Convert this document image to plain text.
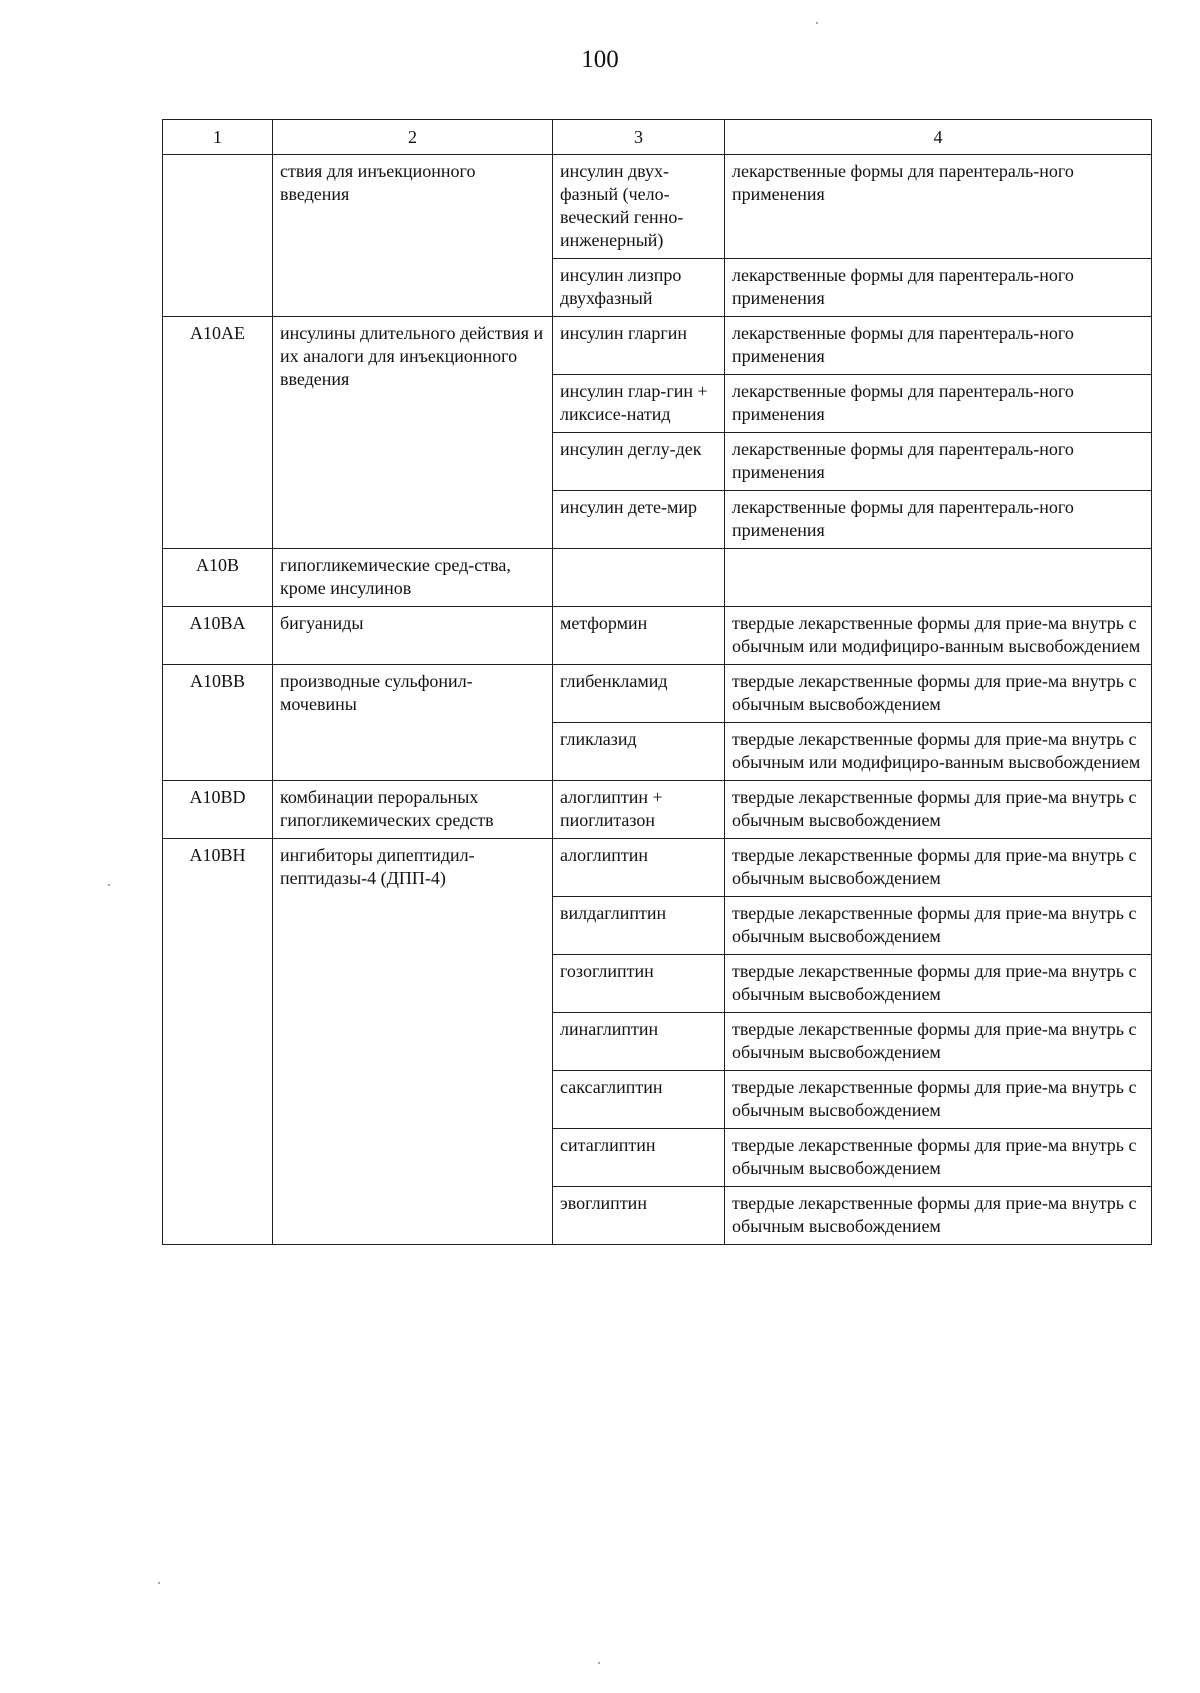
100
1	2	3	4
	ствия для инъекционного введения	инсулин двух-фазный (чело-веческий генно-инженерный)	лекарственные формы для парентераль-ного применения
		инсулин лизпро двухфазный	лекарственные формы для парентераль-ного применения
A10AE	инсулины длительного действия и их аналоги для инъекционного введения	инсулин гларгин	лекарственные формы для парентераль-ного применения
		инсулин глар-гин + ликсисе-натид	лекарственные формы для парентераль-ного применения
		инсулин деглу-дек	лекарственные формы для парентераль-ного применения
		инсулин дете-мир	лекарственные формы для парентераль-ного применения
A10B	гипогликемические сред-ства, кроме инсулинов		
A10BA	бигуаниды	метформин	твердые лекарственные формы для прие-ма внутрь с обычным или модифициро-ванным высвобождением
A10BB	производные сульфонил-мочевины	глибенкламид	твердые лекарственные формы для прие-ма внутрь с обычным высвобождением
		гликлазид	твердые лекарственные формы для прие-ма внутрь с обычным или модифициро-ванным высвобождением
A10BD	комбинации пероральных гипогликемических средств	алоглиптин + пиоглитазон	твердые лекарственные формы для прие-ма внутрь с обычным высвобождением
A10BH	ингибиторы дипептидил-пептидазы-4 (ДПП-4)	алоглиптин	твердые лекарственные формы для прие-ма внутрь с обычным высвобождением
		вилдаглиптин	твердые лекарственные формы для прие-ма внутрь с обычным высвобождением
		гозоглиптин	твердые лекарственные формы для прие-ма внутрь с обычным высвобождением
		линаглиптин	твердые лекарственные формы для прие-ма внутрь с обычным высвобождением
		саксаглиптин	твердые лекарственные формы для прие-ма внутрь с обычным высвобождением
		ситаглиптин	твердые лекарственные формы для прие-ма внутрь с обычным высвобождением
		эвоглиптин	твердые лекарственные формы для прие-ма внутрь с обычным высвобождением
